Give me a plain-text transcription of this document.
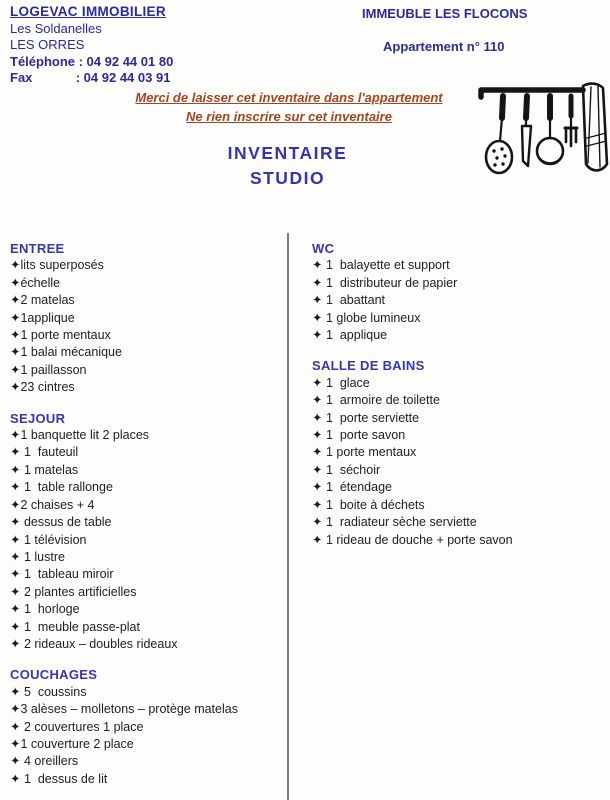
LOGEVAC IMMOBILIER
Les Soldanelles
LES ORRES
Téléphone : 04 92 44 01 80
Fax            : 04 92 44 03 91
IMMEUBLE LES FLOCONS
Appartement n° 110
Merci de laisser cet inventaire dans l'appartement
Ne rien inscrire sur cet inventaire
INVENTAIRE
STUDIO
ENTREE
✦lits superposés
✦échelle
✦2 matelas
✦1applique
✦1 porte mentaux
✦1 balai mécanique
✦1 paillasson
✦23 cintres
SEJOUR
✦1 banquette lit 2 places
✦ 1  fauteuil
✦ 1 matelas
✦ 1  table rallonge
✦2 chaises + 4
✦ dessus de table
✦ 1 télévision
✦ 1 lustre
✦ 1  tableau miroir
✦ 2 plantes artificielles
✦ 1  horloge
✦ 1  meuble passe-plat
✦ 2 rideaux – doubles rideaux
COUCHAGES
✦ 5  coussins
✦3 alèses – molletons – protège matelas
✦ 2 couvertures 1 place
✦1 couverture 2 place
✦ 4 oreillers
✦ 1  dessus de lit
WC
✦ 1  balayette et support
✦ 1  distributeur de papier
✦ 1  abattant
✦ 1 globe lumineux
✦ 1  applique
SALLE DE BAINS
✦ 1  glace
✦ 1  armoire de toilette
✦ 1  porte serviette
✦ 1  porte savon
✦ 1 porte mentaux
✦ 1  séchoir
✦ 1  étendage
✦ 1  boite à déchets
✦ 1  radiateur sèche serviette
✦ 1 rideau de douche + porte savon
